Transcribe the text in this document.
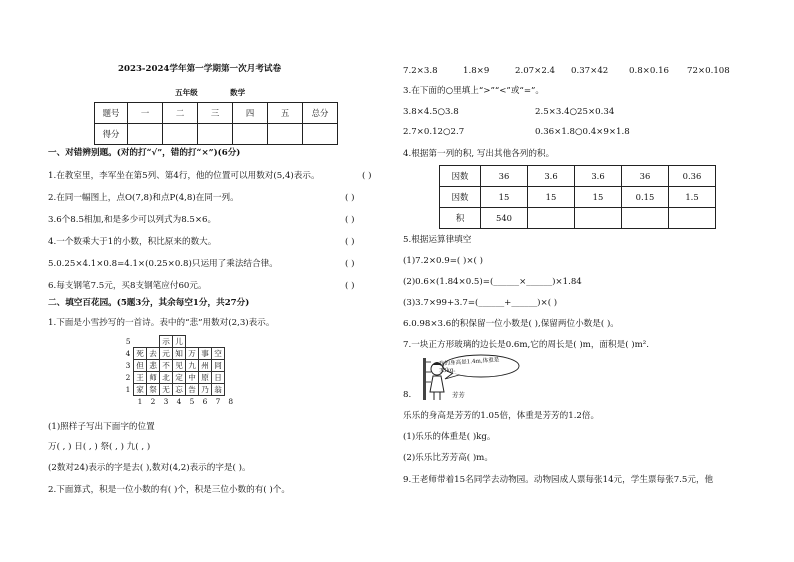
2023-2024学年第一学期第一次月考试卷
五年级	数学
题号	一	二	三	四	五	总分
得分						
一、对错辨别題。(对的打“√”，错的打“×”)(6分)
1.在教室里，李军坐在第5列、第4行，他的位置可以用数对(5,4)表示。	( )
2.在同一幅图上，点O(7,8)和点P(4,8)在同一列。	( )
3.6个8.5相加,和是多少可以列式为8.5×6。	( )
4.一个数乘大于1的小数，积比原来的数大。	( )
5.0.25×4.1×0.8=4.1×(0.25×0.8)只运用了乘法结合律。	( )
6.每支钢笔7.5元，买8支钢笔应付60元。	( )
二、填空百花园。(5题3分，其余每空1分，共27分)
1.下面是小雪抄写的一首诗。表中的“悲”用数对(2,3)表示。
5			示	儿				
4	死	去	元	知	万	事	空	
3	但	悲	不	见	九	州	同	
2	王	师	北	定	中	原	日	
1	家	祭	无	忘	告	乃	翁	
	1	2	3	4	5	6	7	8
(1)照样子写出下面字的位置
万( , ) 日( , ) 祭( , ) 九( , )
(2数对24)表示的字是去( ),数对(4,2)表示的字是( )。
2.下面算式，积是一位小数的有( )个，积是三位小数的有( )个。
7.2×3.8	1.8×9	2.07×2.4 0.37×42 0.8×0.16 72×0.108
3.在下面的○里填上“>”“<”或“=”。
3.8×4.5○3.8	2.5×3.4○25×0.34
2.7×0.12○2.7	0.36×1.8○0.4×9×1.8
4.根据第一列的积, 写出其他各列的积。
因数	36	3.6	3.6	36	0.36
因数	15	15	15	0.15	1.5
积	540				
5.根据运算律填空
(1)7.2×0.9=( )×( )
(2)0.6×(1.84×0.5)=(______×______)×1.84
(3)3.7×99+3.7=(______+______)×( )
6.0.98×3.6的积保留一位小数是( ),保留两位小数是( )。
7.一块正方形玻璃的边长是0.6m,它的周长是( )m，面积是( )m².
我的身高是1.4m,体重是33kg。
8.	芳芳
乐乐的身高是芳芳的1.05倍，体重是芳芳的1.2倍。
(1)乐乐的体重是( )kg。
(2)乐乐比芳芳高( )m。
9.王老师带着15名同学去动物园。动物园成人票每张14元，学生票每张7.5元，他
